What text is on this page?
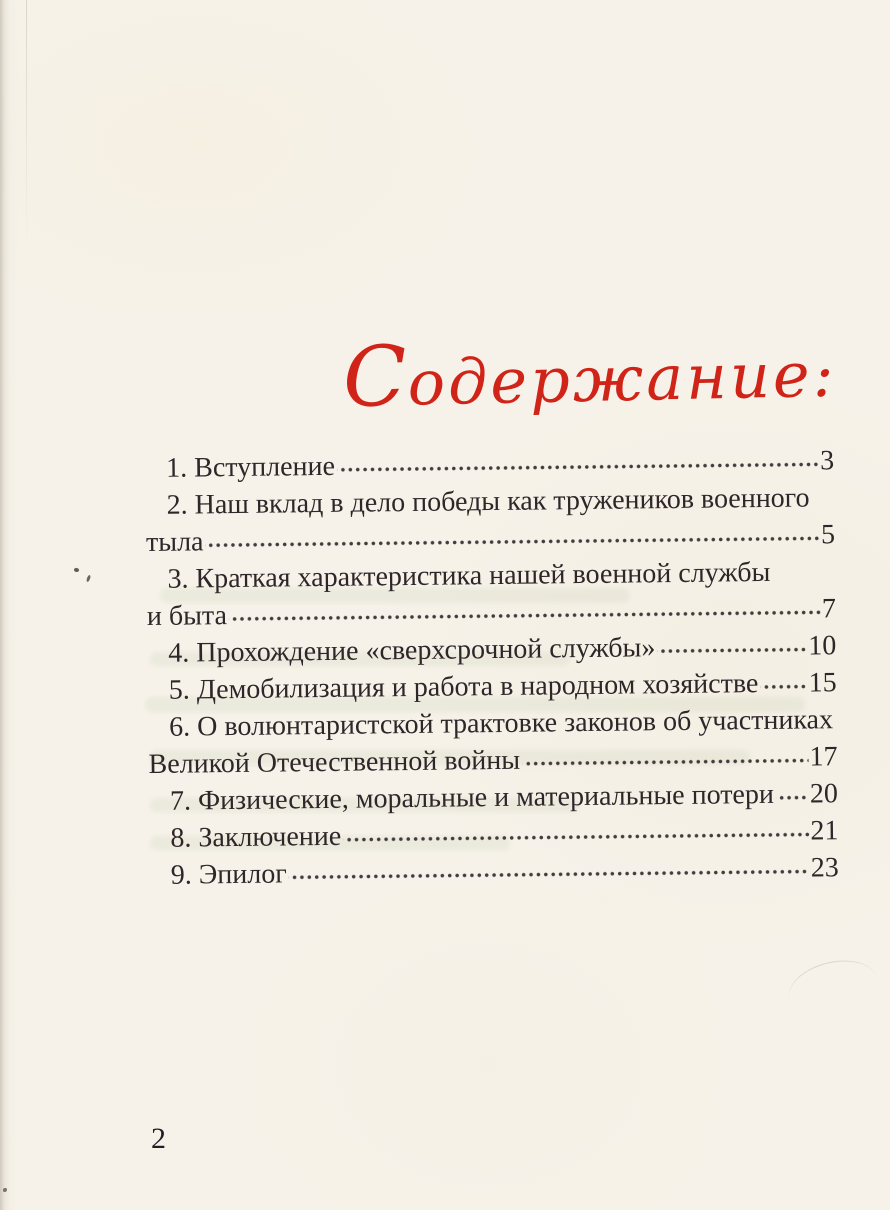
Содержание:
1. Вступление	3
2. Наш вклад в дело победы как тружеников военного
тыла	5
3. Краткая характеристика нашей военной службы
и быта	7
4. Прохождение «сверхсрочной службы»	10
5. Демобилизация и работа в народном хозяйстве 15
6. О волюнтаристской трактовке законов об участниках
Великой Отечественной войны	17
7. Физические, моральные и материальные потери 20
8. Заключение	21
9. Эпилог	23
2
